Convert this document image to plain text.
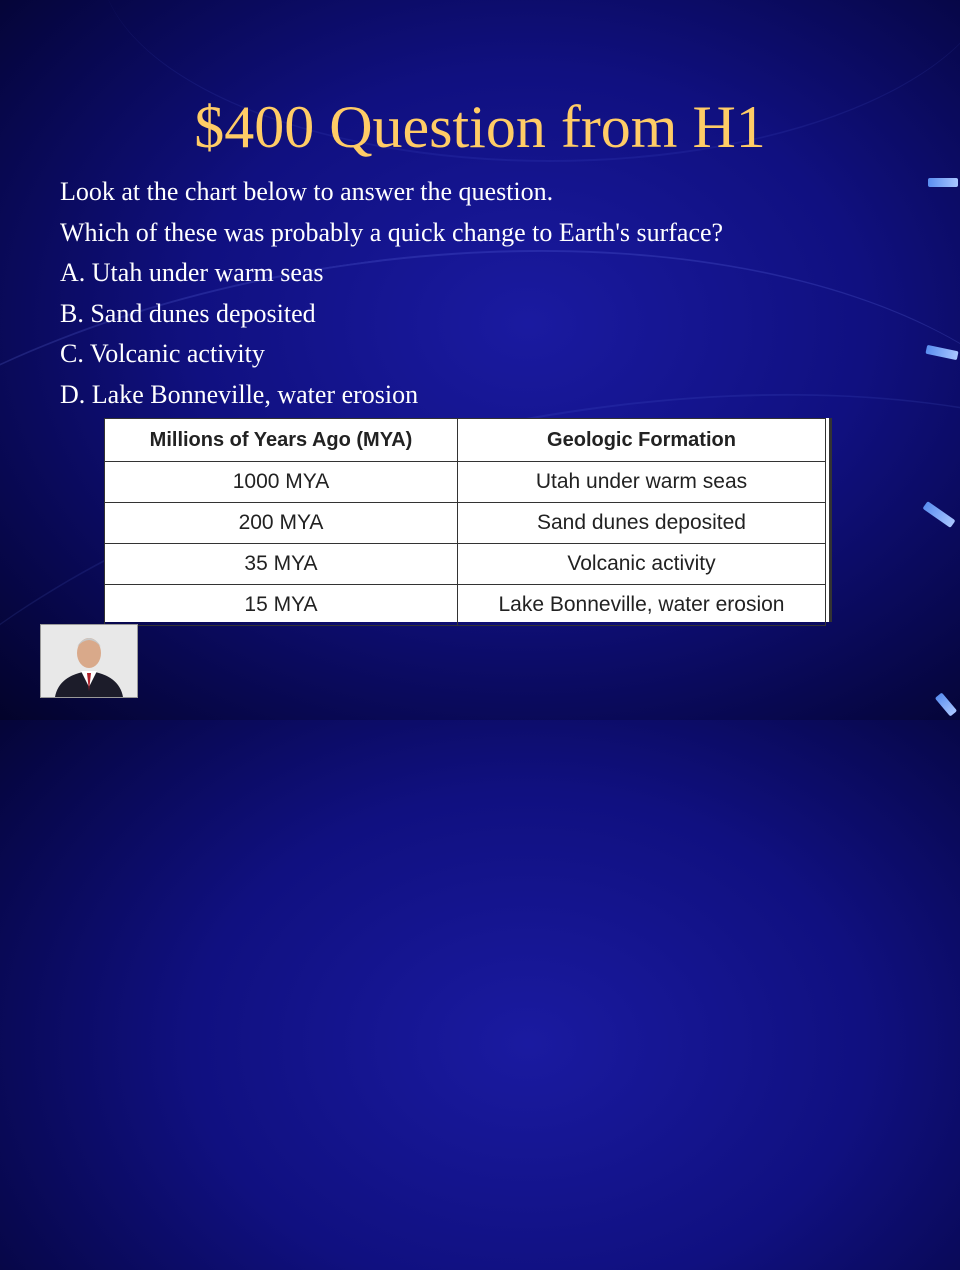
$400 Question from H1
Look at the chart below to answer the question.
Which of these was probably a quick change to Earth's surface?
A. Utah under warm seas
B. Sand dunes deposited
C. Volcanic activity
D. Lake Bonneville, water erosion
Millions of Years Ago (MYA)	Geologic Formation
1000 MYA	Utah under warm seas
200 MYA	Sand dunes deposited
35 MYA	Volcanic activity
15 MYA	Lake Bonneville, water erosion
